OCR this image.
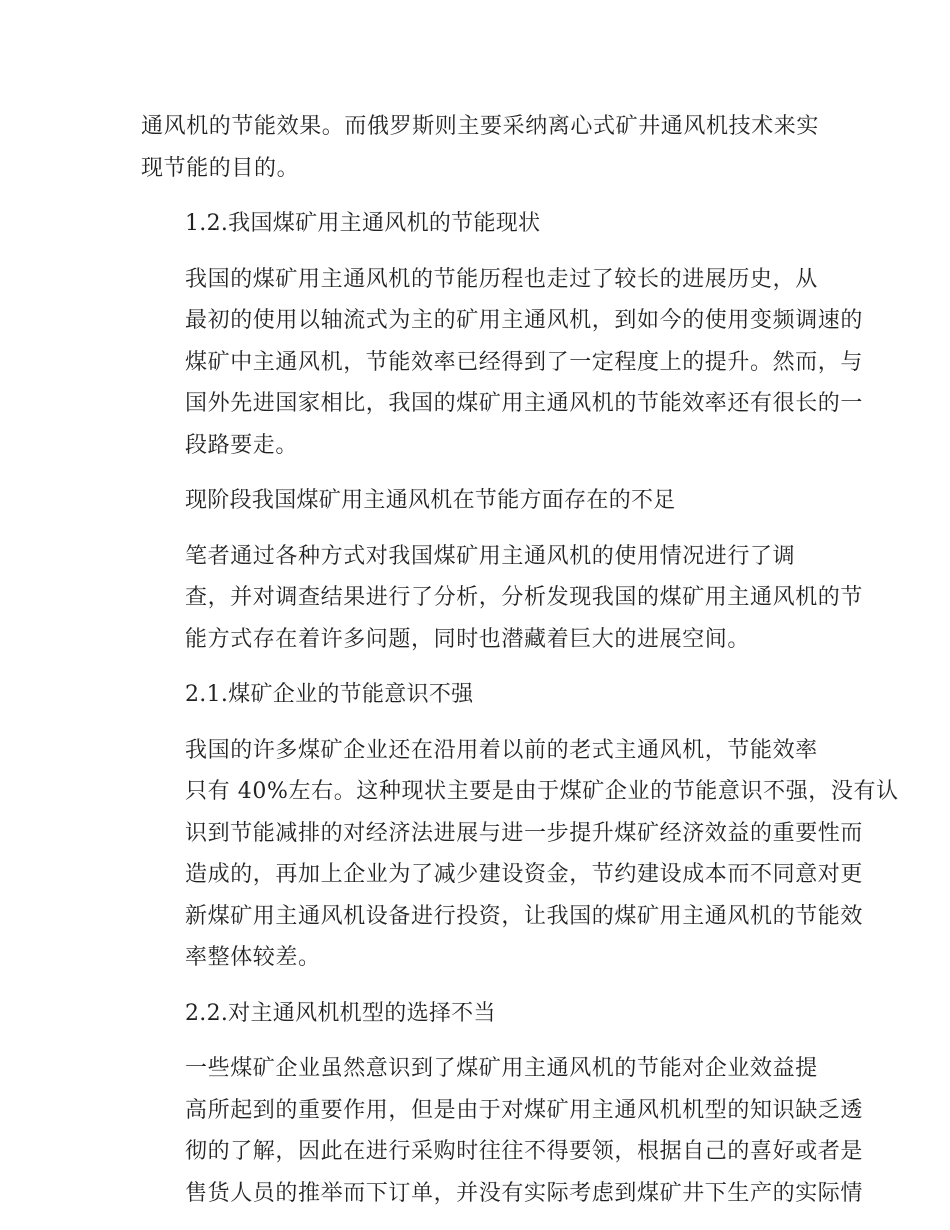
通风机的节能效果。而俄罗斯则主要采纳离心式矿井通风机技术来实
现节能的目的。

1.2.我国煤矿用主通风机的节能现状

我国的煤矿用主通风机的节能历程也走过了较长的进展历史，从
最初的使用以轴流式为主的矿用主通风机，到如今的使用变频调速的
煤矿中主通风机，节能效率已经得到了一定程度上的提升。然而，与
国外先进国家相比，我国的煤矿用主通风机的节能效率还有很长的一
段路要走。

现阶段我国煤矿用主通风机在节能方面存在的不足

笔者通过各种方式对我国煤矿用主通风机的使用情况进行了调
查，并对调查结果进行了分析，分析发现我国的煤矿用主通风机的节
能方式存在着许多问题，同时也潜藏着巨大的进展空间。

2.1.煤矿企业的节能意识不强

我国的许多煤矿企业还在沿用着以前的老式主通风机，节能效率
只有 40%左右。这种现状主要是由于煤矿企业的节能意识不强，没有认
识到节能减排的对经济法进展与进一步提升煤矿经济效益的重要性而
造成的，再加上企业为了减少建设资金，节约建设成本而不同意对更
新煤矿用主通风机设备进行投资，让我国的煤矿用主通风机的节能效
率整体较差。

2.2.对主通风机机型的选择不当

一些煤矿企业虽然意识到了煤矿用主通风机的节能对企业效益提
高所起到的重要作用，但是由于对煤矿用主通风机机型的知识缺乏透
彻的了解，因此在进行采购时往往不得要领，根据自己的喜好或者是
售货人员的推举而下订单，并没有实际考虑到煤矿井下生产的实际情
